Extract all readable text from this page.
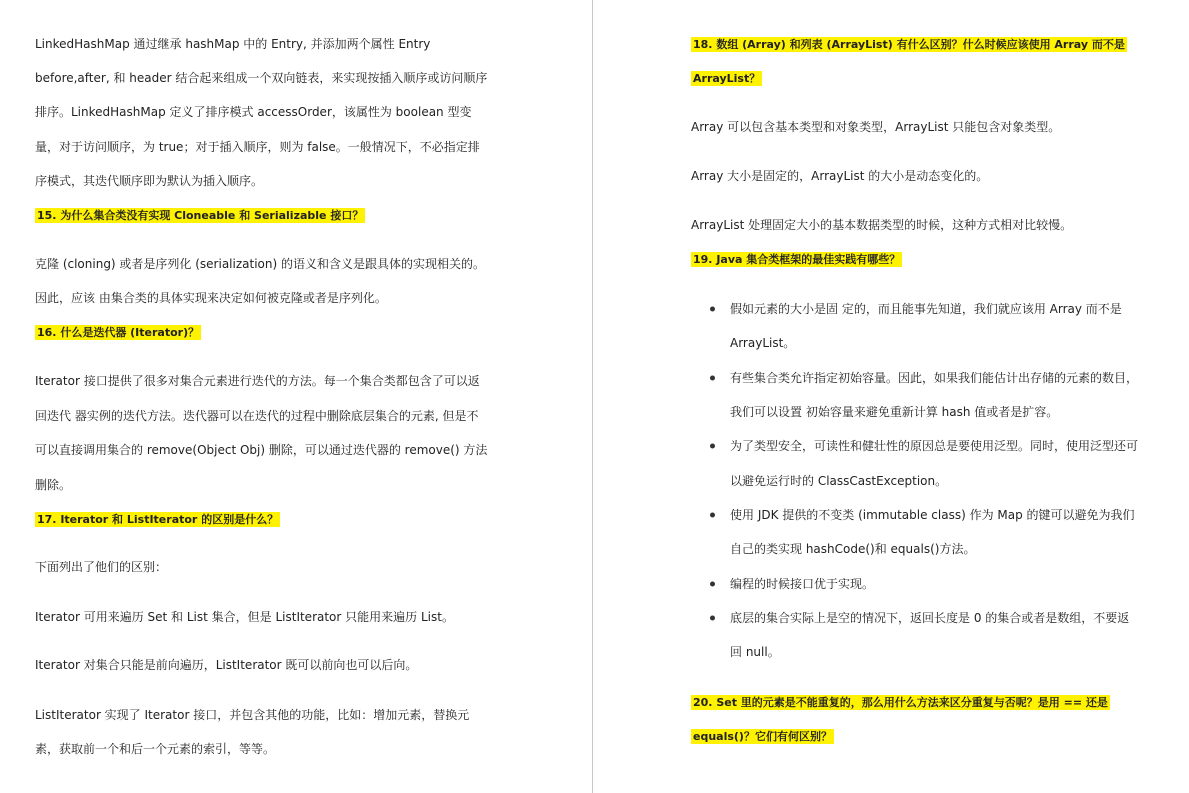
LinkedHashMap 通过继承 hashMap 中的 Entry, 并添加两个属性 Entry
before,after, 和 header 结合起来组成一个双向链表，来实现按插入顺序或访问顺序
排序。LinkedHashMap 定义了排序模式 accessOrder，该属性为 boolean 型变
量，对于访问顺序，为 true；对于插入顺序，则为 false。一般情况下，不必指定排
序模式，其迭代顺序即为默认为插入顺序。
15. 为什么集合类没有实现 Cloneable 和 Serializable 接口？
克隆 (cloning) 或者是序列化 (serialization) 的语义和含义是跟具体的实现相关的。
因此，应该 由集合类的具体实现来决定如何被克隆或者是序列化。
16. 什么是迭代器 (Iterator)？
Iterator 接口提供了很多对集合元素进行迭代的方法。每一个集合类都包含了可以返
回迭代 器实例的迭代方法。迭代器可以在迭代的过程中删除底层集合的元素, 但是不
可以直接调用集合的 remove(Object Obj) 删除，可以通过迭代器的 remove() 方法
删除。
17. Iterator 和 ListIterator 的区别是什么？
下面列出了他们的区别：
Iterator 可用来遍历 Set 和 List 集合，但是 ListIterator 只能用来遍历 List。
Iterator 对集合只能是前向遍历，ListIterator 既可以前向也可以后向。
ListIterator 实现了 Iterator 接口，并包含其他的功能，比如：增加元素，替换元
素，获取前一个和后一个元素的索引，等等。
18. 数组 (Array) 和列表 (ArrayList) 有什么区别？什么时候应该使用 Array 而不是
ArrayList？
Array 可以包含基本类型和对象类型，ArrayList 只能包含对象类型。
Array 大小是固定的，ArrayList 的大小是动态变化的。
ArrayList 处理固定大小的基本数据类型的时候，这种方式相对比较慢。
19. Java 集合类框架的最佳实践有哪些？
假如元素的大小是固 定的，而且能事先知道，我们就应该用 Array 而不是
ArrayList。
有些集合类允许指定初始容量。因此，如果我们能估计出存储的元素的数目，
我们可以设置 初始容量来避免重新计算 hash 值或者是扩容。
为了类型安全，可读性和健壮性的原因总是要使用泛型。同时，使用泛型还可
以避免运行时的 ClassCastException。
使用 JDK 提供的不变类 (immutable class) 作为 Map 的键可以避免为我们
自己的类实现 hashCode()和 equals()方法。
编程的时候接口优于实现。
底层的集合实际上是空的情况下，返回长度是 0 的集合或者是数组，不要返
回 null。
20. Set 里的元素是不能重复的，那么用什么方法来区分重复与否呢？是用 == 还是
equals()？它们有何区别？
